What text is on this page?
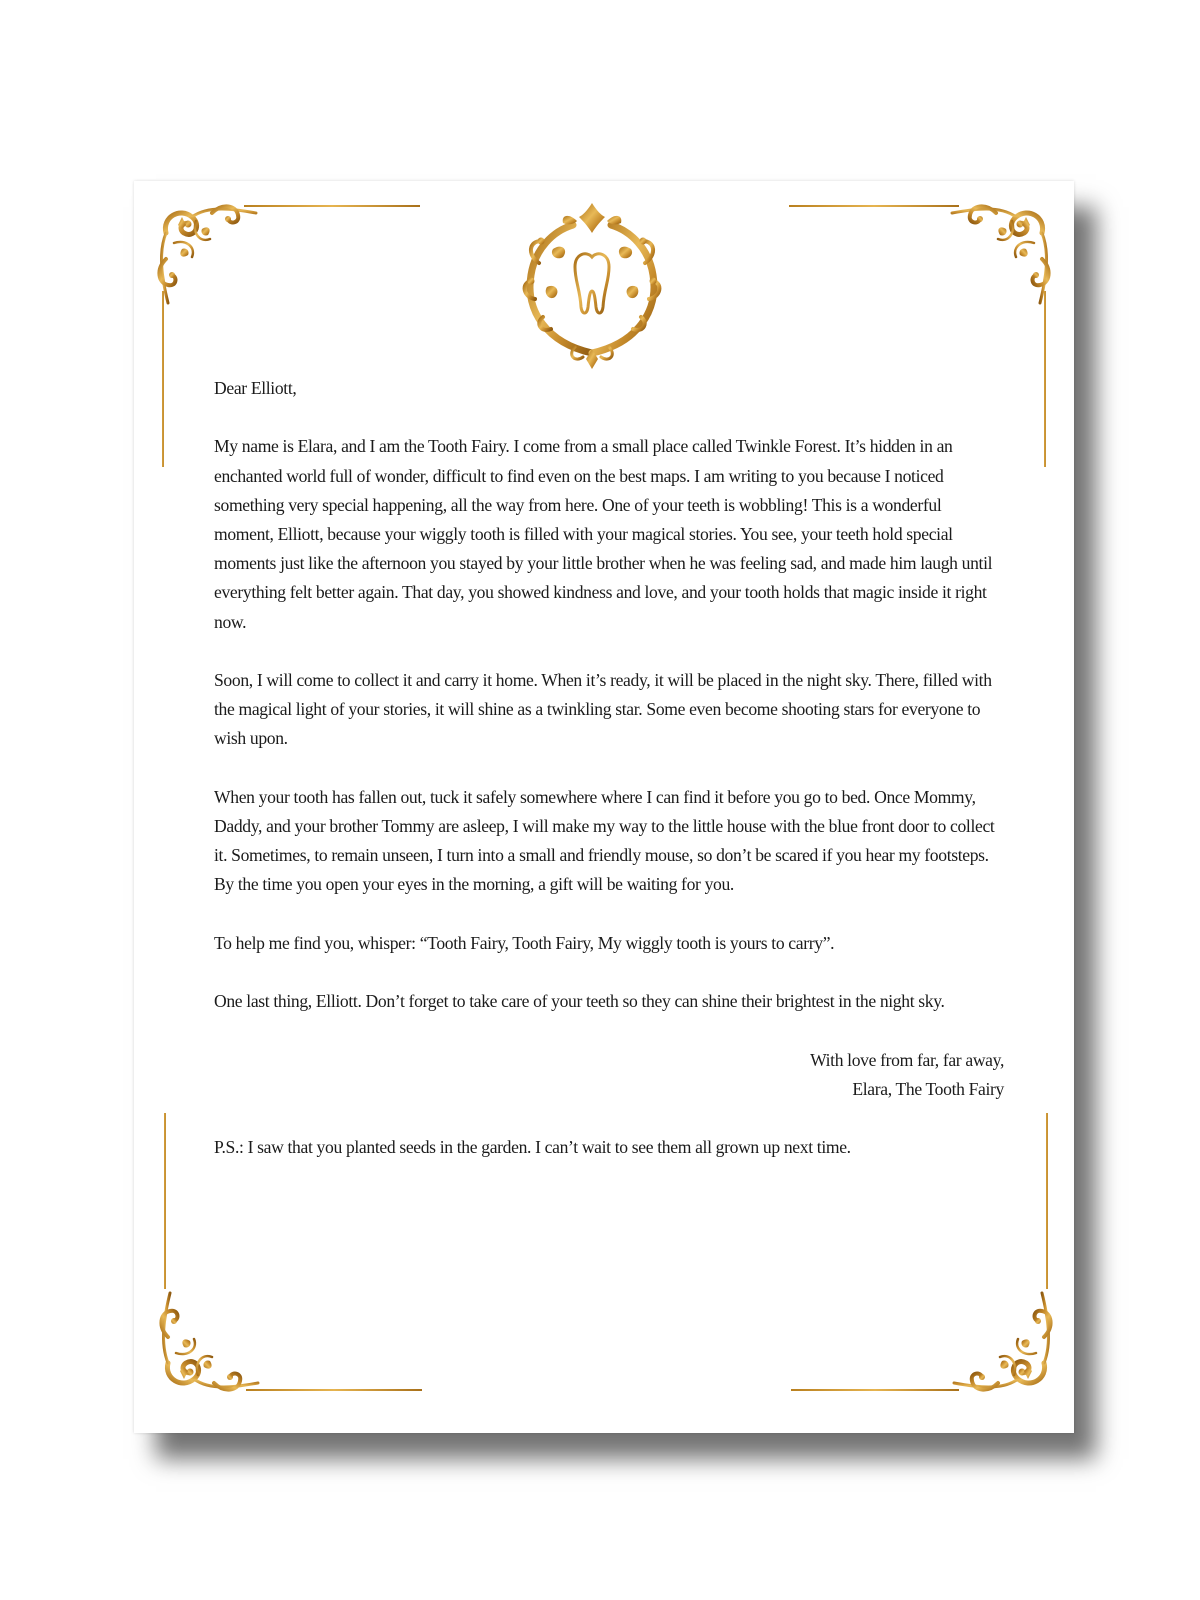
Dear Elliott,

My name is Elara, and I am the Tooth Fairy. I come from a small place called Twinkle Forest. It’s hidden in an enchanted world full of wonder, difficult to find even on the best maps. I am writing to you because I noticed something very special happening, all the way from here. One of your teeth is wobbling! This is a wonderful moment, Elliott, because your wiggly tooth is filled with your magical stories. You see, your teeth hold special moments just like the afternoon you stayed by your little brother when he was feeling sad, and made him laugh until everything felt better again. That day, you showed kindness and love, and your tooth holds that magic inside it right now.

Soon, I will come to collect it and carry it home. When it’s ready, it will be placed in the night sky. There, filled with the magical light of your stories, it will shine as a twinkling star. Some even become shooting stars for everyone to wish upon.

When your tooth has fallen out, tuck it safely somewhere where I can find it before you go to bed. Once Mommy, Daddy, and your brother Tommy are asleep, I will make my way to the little house with the blue front door to collect it. Sometimes, to remain unseen, I turn into a small and friendly mouse, so don’t be scared if you hear my footsteps. By the time you open your eyes in the morning, a gift will be waiting for you.

To help me find you, whisper: “Tooth Fairy, Tooth Fairy, My wiggly tooth is yours to carry”.

One last thing, Elliott. Don’t forget to take care of your teeth so they can shine their brightest in the night sky.

With love from far, far away,
Elara, The Tooth Fairy

P.S.: I saw that you planted seeds in the garden. I can’t wait to see them all grown up next time.
